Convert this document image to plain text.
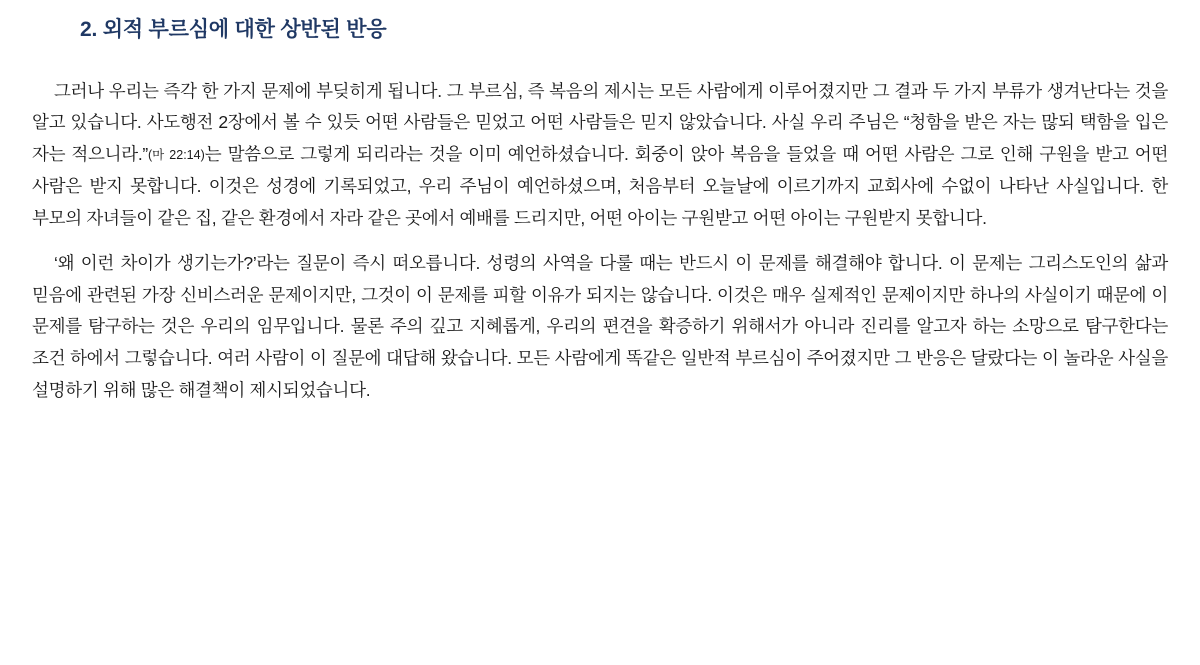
2. 외적 부르심에 대한 상반된 반응

그러나 우리는 즉각 한 가지 문제에 부딪히게 됩니다. 그 부르심, 즉 복음의 제시는 모든 사람에게 이루어졌지만 그 결과 두 가지 부류가 생겨난다는 것을 알고 있습니다. 사도행전 2장에서 볼 수 있듯 어떤 사람들은 믿었고 어떤 사람들은 믿지 않았습니다. 사실 우리 주님은 “청함을 받은 자는 많되 택함을 입은 자는 적으니라.”(마 22:14)는 말씀으로 그렇게 되리라는 것을 이미 예언하셨습니다. 회중이 앉아 복음을 들었을 때 어떤 사람은 그로 인해 구원을 받고 어떤 사람은 받지 못합니다. 이것은 성경에 기록되었고, 우리 주님이 예언하셨으며, 처음부터 오늘날에 이르기까지 교회사에 수없이 나타난 사실입니다. 한 부모의 자녀들이 같은 집, 같은 환경에서 자라 같은 곳에서 예배를 드리지만, 어떤 아이는 구원받고 어떤 아이는 구원받지 못합니다.

‘왜 이런 차이가 생기는가?’라는 질문이 즉시 떠오릅니다. 성령의 사역을 다룰 때는 반드시 이 문제를 해결해야 합니다. 이 문제는 그리스도인의 삶과 믿음에 관련된 가장 신비스러운 문제이지만, 그것이 이 문제를 피할 이유가 되지는 않습니다. 이것은 매우 실제적인 문제이지만 하나의 사실이기 때문에 이 문제를 탐구하는 것은 우리의 임무입니다. 물론 주의 깊고 지혜롭게, 우리의 편견을 확증하기 위해서가 아니라 진리를 알고자 하는 소망으로 탐구한다는 조건 하에서 그렇습니다. 여러 사람이 이 질문에 대답해 왔습니다. 모든 사람에게 똑같은 일반적 부르심이 주어졌지만 그 반응은 달랐다는 이 놀라운 사실을 설명하기 위해 많은 해결책이 제시되었습니다.
